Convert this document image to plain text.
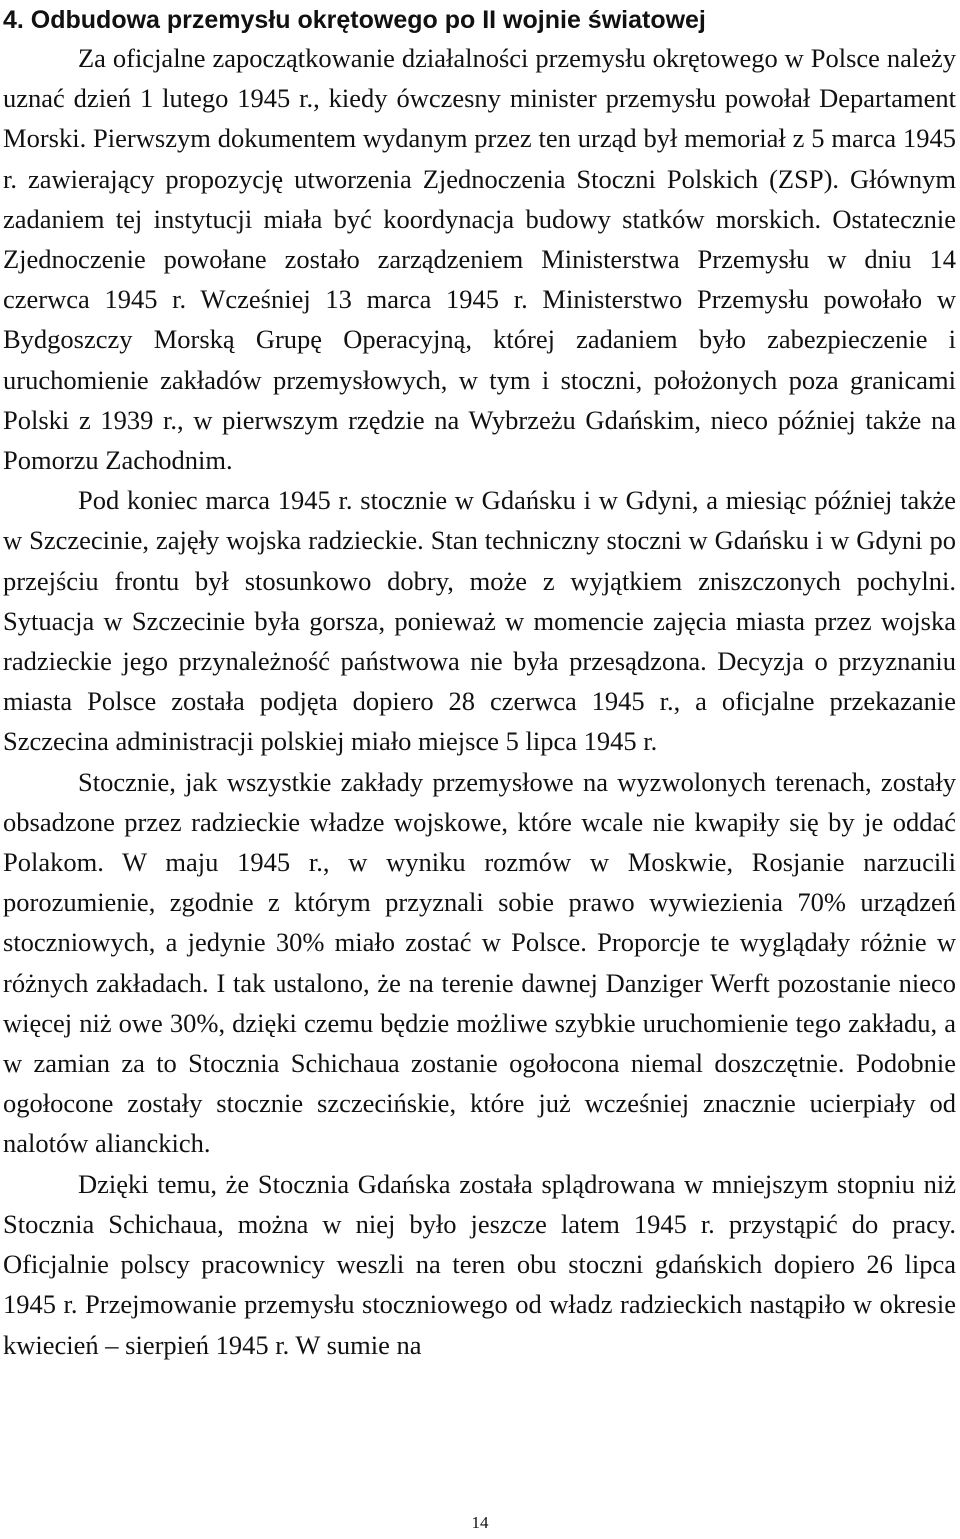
4. Odbudowa przemysłu okrętowego po II wojnie światowej

Za oficjalne zapoczątkowanie działalności przemysłu okrętowego w Polsce należy uznać dzień 1 lutego 1945 r., kiedy ówczesny minister przemysłu powołał Departament Morski. Pierwszym dokumentem wydanym przez ten urząd był memoriał z 5 marca 1945 r. zawierający propozycję utworzenia Zjednoczenia Stoczni Polskich (ZSP). Głównym zadaniem tej instytucji miała być koordynacja budowy statków morskich. Ostatecznie Zjednoczenie powołane zostało zarządzeniem Ministerstwa Przemysłu w dniu 14 czerwca 1945 r. Wcześniej 13 marca 1945 r. Ministerstwo Przemysłu powołało w Bydgoszczy Morską Grupę Operacyjną, której zadaniem było zabezpieczenie i uruchomienie zakładów przemysłowych, w tym i stoczni, położonych poza granicami Polski z 1939 r., w pierwszym rzędzie na Wybrzeżu Gdańskim, nieco później także na Pomorzu Zachodnim.

Pod koniec marca 1945 r. stocznie w Gdańsku i w Gdyni, a miesiąc później także w Szczecinie, zajęły wojska radzieckie. Stan techniczny stoczni w Gdańsku i w Gdyni po przejściu frontu był stosunkowo dobry, może z wyjątkiem zniszczonych pochylni. Sytuacja w Szczecinie była gorsza, ponieważ w momencie zajęcia miasta przez wojska radzieckie jego przynależność państwowa nie była przesądzona. Decyzja o przyznaniu miasta Polsce została podjęta dopiero 28 czerwca 1945 r., a oficjalne przekazanie Szczecina administracji polskiej miało miejsce 5 lipca 1945 r.

Stocznie, jak wszystkie zakłady przemysłowe na wyzwolonych terenach, zostały obsadzone przez radzieckie władze wojskowe, które wcale nie kwapiły się by je oddać Polakom. W maju 1945 r., w wyniku rozmów w Moskwie, Rosjanie narzucili porozumienie, zgodnie z którym przyznali sobie prawo wywiezienia 70% urządzeń stoczniowych, a jedynie 30% miało zostać w Polsce. Proporcje te wyglądały różnie w różnych zakładach. I tak ustalono, że na terenie dawnej Danziger Werft pozostanie nieco więcej niż owe 30%, dzięki czemu będzie możliwe szybkie uruchomienie tego zakładu, a w zamian za to Stocznia Schichaua zostanie ogołocona niemal doszczętnie. Podobnie ogołocone zostały stocznie szczecińskie, które już wcześniej znacznie ucierpiały od nalotów alianckich.

Dzięki temu, że Stocznia Gdańska została splądrowana w mniejszym stopniu niż Stocznia Schichaua, można w niej było jeszcze latem 1945 r. przystąpić do pracy. Oficjalnie polscy pracownicy weszli na teren obu stoczni gdańskich dopiero 26 lipca 1945 r. Przejmowanie przemysłu stoczniowego od władz radzieckich nastąpiło w okresie kwiecień – sierpień 1945 r. W sumie na

14
